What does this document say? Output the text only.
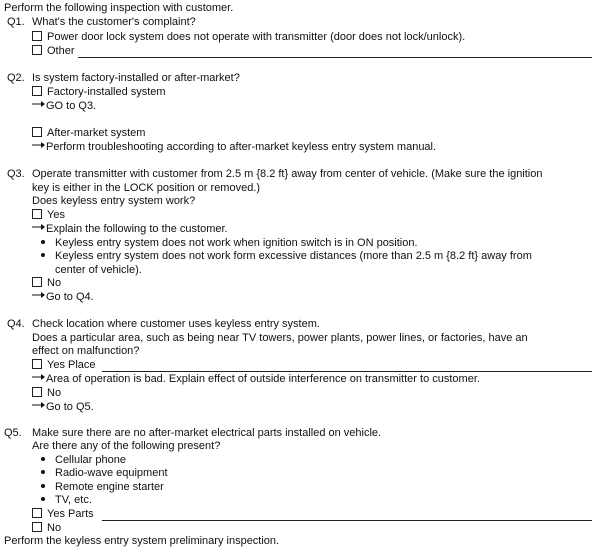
Perform the following inspection with customer.
Q1. What's the customer's complaint?
Power door lock system does not operate with transmitter (door does not lock/unlock).
Other
Q2. Is system factory-installed or after-market?
Factory-installed system
GO to Q3.
After-market system
Perform troubleshooting according to after-market keyless entry system manual.
Q3. Operate transmitter with customer from 2.5 m {8.2 ft} away from center of vehicle. (Make sure the ignition
key is either in the LOCK position or removed.)
Does keyless entry system work?
Yes
Explain the following to the customer.
Keyless entry system does not work when ignition switch is in ON position.
Keyless entry system does not work form excessive distances (more than 2.5 m {8.2 ft} away from
center of vehicle).
No
Go to Q4.
Q4. Check location where customer uses keyless entry system.
Does a particular area, such as being near TV towers, power plants, power lines, or factories, have an
effect on malfunction?
Yes Place
Area of operation is bad. Explain effect of outside interference on transmitter to customer.
No
Go to Q5.
Q5. Make sure there are no after-market electrical parts installed on vehicle.
Are there any of the following present?
Cellular phone
Radio-wave equipment
Remote engine starter
TV, etc.
Yes Parts
No
Perform the keyless entry system preliminary inspection.
